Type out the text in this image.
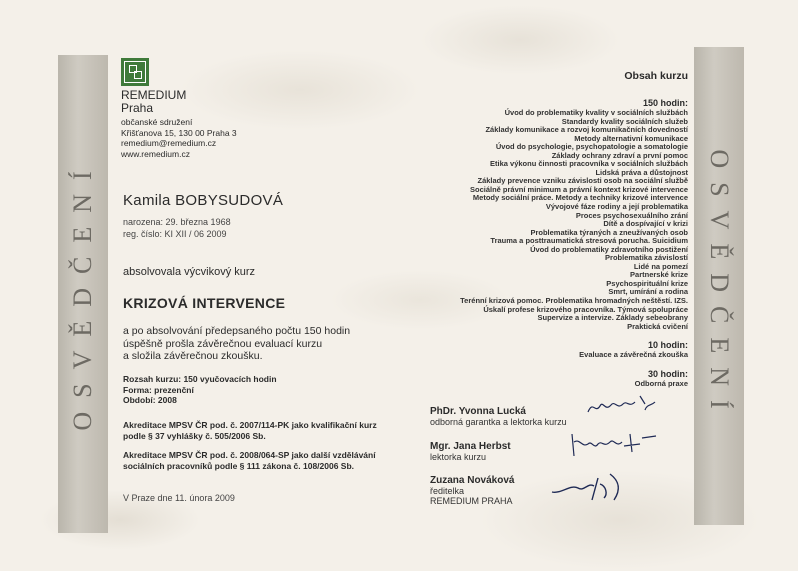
OSVĚDČENÍ	OSVĚDČENÍ
REMEDIUM
Praha
občanské sdružení
Křišťanova 15, 130 00 Praha 3
remedium@remedium.cz
www.remedium.cz
Kamila BOBYSUDOVÁ
narozena: 29. března 1968
reg. číslo: KI XII / 06 2009
absolvovala výcvikový kurz
KRIZOVÁ INTERVENCE
a po absolvování předepsaného počtu 150 hodin
úspěšně prošla závěrečnou evaluací kurzu
a složila závěrečnou zkoušku.
Rozsah kurzu: 150 vyučovacích hodin
Forma: prezenční
Období: 2008
Akreditace MPSV ČR pod. č. 2007/114-PK jako kvalifikační kurz
podle § 37 vyhlášky č. 505/2006 Sb.
Akreditace MPSV ČR pod. č. 2008/064-SP jako další vzdělávání
sociálních pracovníků podle § 111 zákona č. 108/2006 Sb.
V Praze dne 11. února 2009
Obsah kurzu
150 hodin:
Úvod do problematiky kvality v sociálních službách
Standardy kvality sociálních služeb
Základy komunikace a rozvoj komunikačních dovedností
Metody alternativní komunikace
Úvod do psychologie, psychopatologie a somatologie
Základy ochrany zdraví a první pomoc
Etika výkonu činnosti pracovníka v sociálních službách
Lidská práva a důstojnost
Základy prevence vzniku závislosti osob na sociální službě
Sociálně právní minimum a právní kontext krizové intervence
Metody sociální práce. Metody a techniky krizové intervence
Vývojové fáze rodiny a její problematika
Proces psychosexuálního zrání
Dítě a dospívající v krizi
Problematika týraných a zneužívaných osob
Trauma a posttraumatická stresová porucha. Suicidium
Úvod do problematiky zdravotního postižení
Problematika závislostí
Lidé na pomezí
Partnerské krize
Psychospirituální krize
Smrt, umírání a rodina
Terénní krizová pomoc. Problematika hromadných neštěstí. IZS.
Úskalí profese krizového pracovníka. Týmová spolupráce
Supervize a intervize. Základy sebeobrany
Praktická cvičení
10 hodin:
Evaluace a závěrečná zkouška
30 hodin:
Odborná praxe
PhDr. Yvonna Lucká
odborná garantka a lektorka kurzu
Mgr. Jana Herbst
lektorka kurzu
Zuzana Nováková
ředitelka
REMEDIUM PRAHA
